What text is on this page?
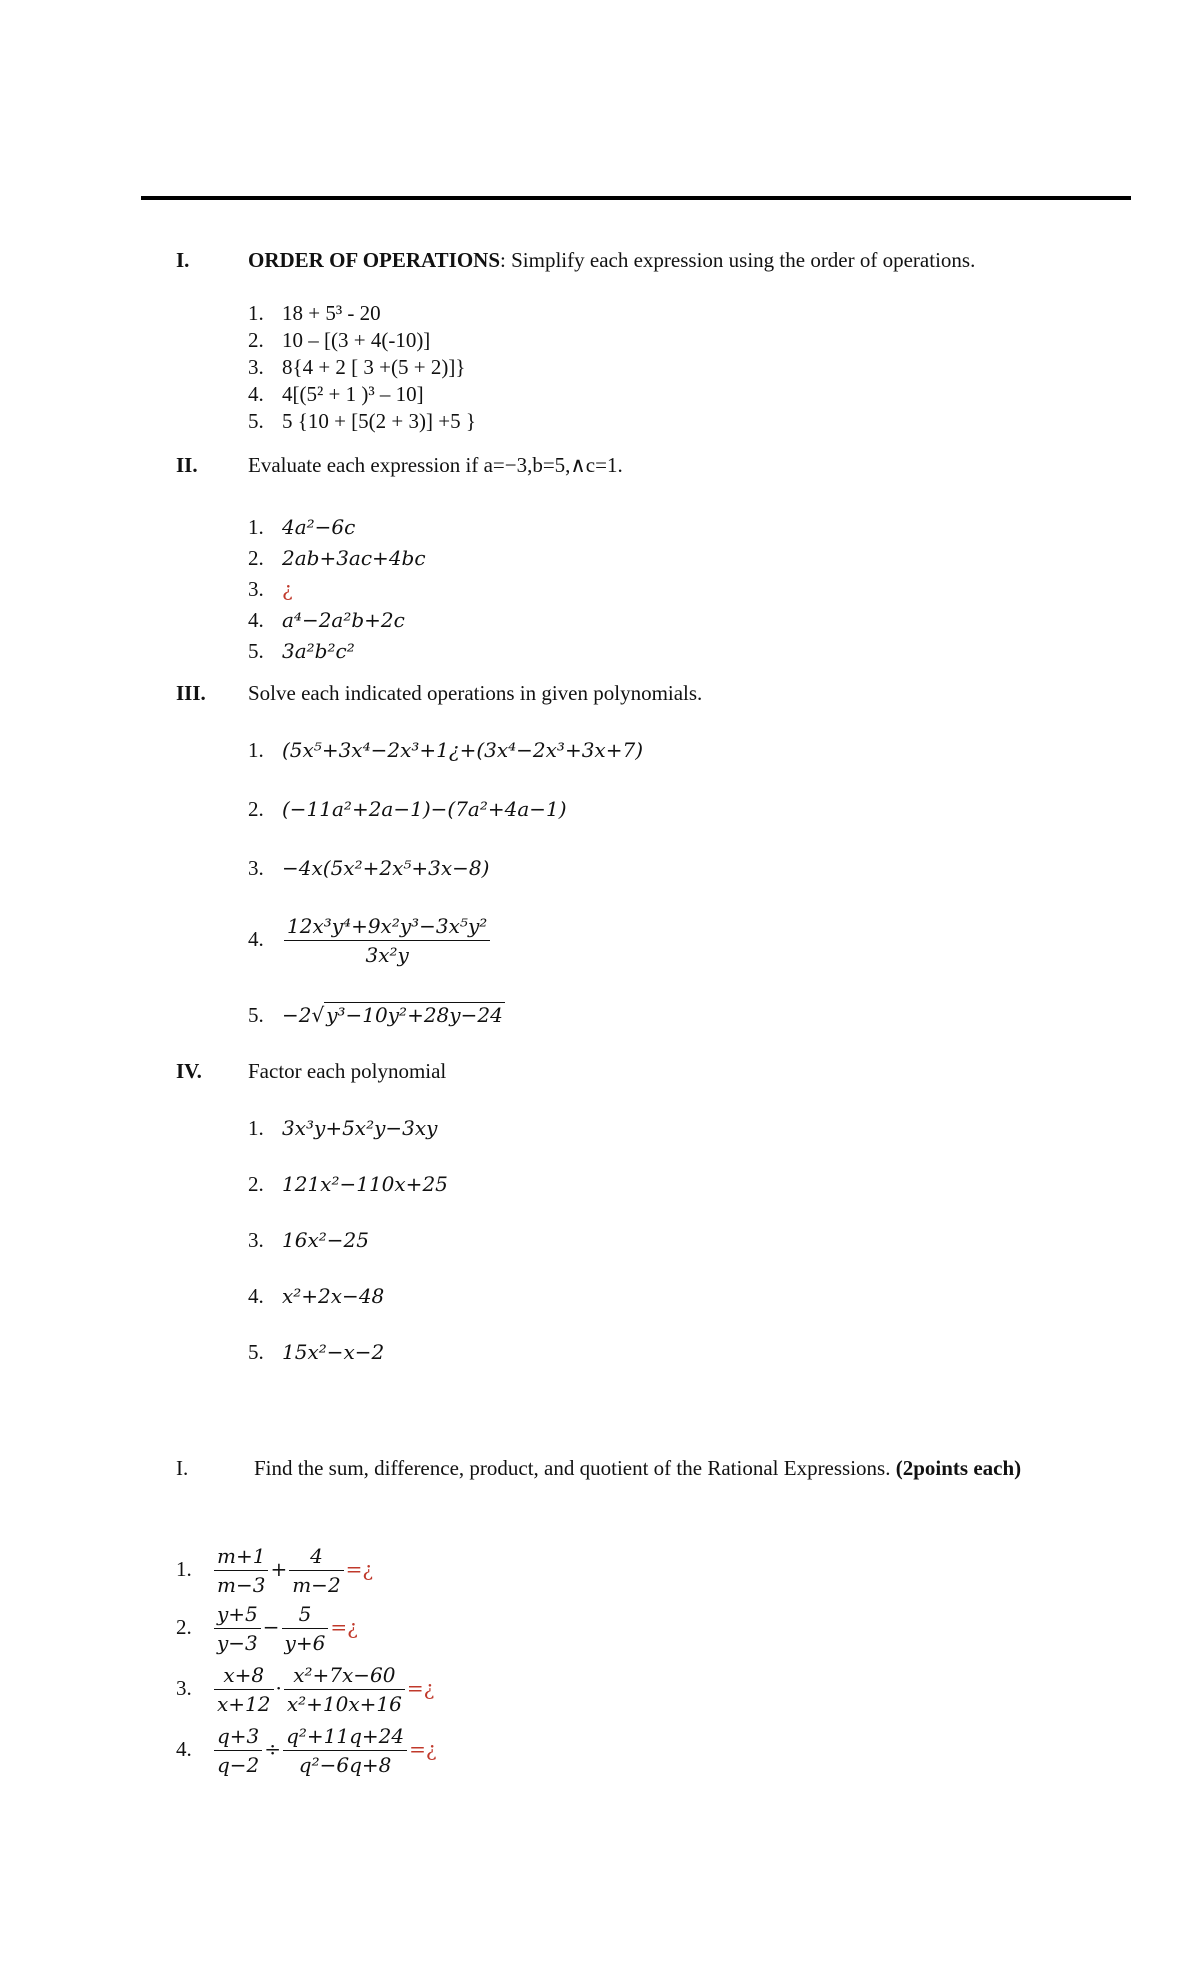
I.	ORDER OF OPERATIONS: Simplify each expression using the order of operations.
1. 18 + 5³ - 20
2. 10 – [(3 + 4(-10)]
3. 8{4 + 2 [ 3 +(5 + 2)]}
4. 4[(5² + 1 )³ – 10]
5. 5 {10 + [5(2 + 3)] +5 }
II. Evaluate each expression if a=−3,b=5,∧c=1.
1. 4a²−6c
2. 2ab+3ac+4bc
3. ¿
4. a⁴−2a²b+2c
5. 3a²b²c²
III. Solve each indicated operations in given polynomials.
1. (5x⁵+3x⁴−2x³+1¿+(3x⁴−2x³+3x+7)
2. (−11a²+2a−1)−(7a²+4a−1)
3. −4x(5x²+2x⁵+3x−8)
4. $\frac{\text{12x³y⁴+9x²y³−3x⁵y²}}{\text{3x²y}}$
5. −2√ y³−10y²+28y−24
IV. Factor each polynomial
1. 3x³y+5x²y−3xy
2. 121x²−110x+25
3. 16x²−25
4. x²+2x−48
5. 15x²−x−2
I.	Find the sum, difference, product, and quotient of the Rational Expressions. (2points each)
1. $\frac{m+1}{m-3} + \frac{4}{m-2}$ =¿
2. $\frac{y+5}{y-3} - \frac{5}{y+6}$ =¿
3. $\frac{x+8}{x+12} \cdot \frac{\text{x²+7x−60}}{\text{x²+10x+16}}$ =¿
4. $\frac{q+3}{q-2} \div \frac{\text{q²+11q+24}}{\text{q²−6q+8}}$ =¿
